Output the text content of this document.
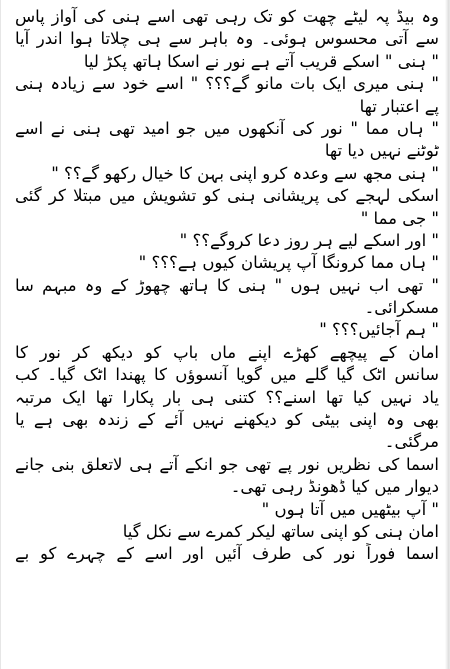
وہ بیڈ پہ لیٹے چھت کو تک رہی تھی اسے ہنی کی آواز پاس
سے آتی محسوس ہوئی۔ وہ باہر سے ہی چلاتا ہوا اندر آیا
" ہنی " اسکے قریب آتے ہے نور نے اسکا ہاتھ پکڑ لیا
" ہنی میری ایک بات مانو گے؟؟؟ " اسے خود سے زیادہ ہنی
پے اعتبار تھا
" ہاں مما " نور کی آنکھوں میں جو امید تھی ہنی نے اسے
ٹوٹنے نہیں دیا تھا
" ہنی مجھ سے وعدہ کرو اپنی بہن کا خیال رکھو گے؟؟ "
اسکی لہجے کی پریشانی ہنی کو تشویش میں مبتلا کر گئی
" جی مما "
" اور اسکے لیے ہر روز دعا کروگے؟؟ "
" ہاں مما کرونگا آپ پریشان کیوں ہے؟؟؟ "
" تھی اب نہیں ہوں " ہنی کا ہاتھ چھوڑ کے وہ مبہم سا
مسکرائی۔
" ہم آجائیں؟؟؟ "
امان کے پیچھے کھڑے اپنے ماں باپ کو دیکھ کر نور کا
سانس اٹک گیا گلے میں گویا آنسوؤں کا پھندا اٹک گیا۔ کب
یاد نہیں کیا تھا اسنے؟؟ کتنی ہی بار پکارا تھا ایک مرتبہ
بھی وہ اپنی بیٹی کو دیکھنے نہیں آئے کے زندہ بھی ہے یا
مرگئی۔
اسما کی نظریں نور پے تھی جو انکے آتے ہی لاتعلق بنی جانے
دیوار میں کیا ڈھونڈ رہی تھی۔
" آپ بیٹھیں میں آتا ہوں "
امان ہنی کو اپنی ساتھ لیکر کمرے سے نکل گیا
اسما فوراً نور کی طرف آئیں اور اسے کے چہرے کو بے
